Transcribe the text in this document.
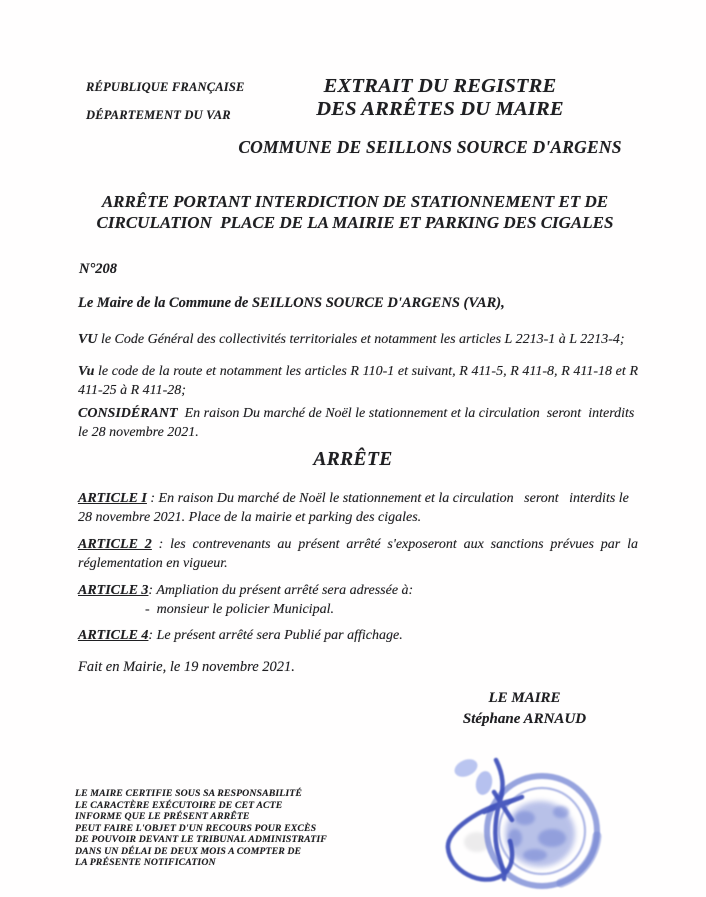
RÉPUBLIQUE FRANÇAISE
DÉPARTEMENT DU VAR
EXTRAIT DU REGISTRE
DES ARRÊTES DU MAIRE
COMMUNE DE SEILLONS SOURCE D'ARGENS
ARRÊTE PORTANT INTERDICTION DE STATIONNEMENT ET DE
CIRCULATION  PLACE DE LA MAIRIE ET PARKING DES CIGALES
N°208
Le Maire de la Commune de SEILLONS SOURCE D'ARGENS (VAR),
VU le Code Général des collectivités territoriales et notamment les articles L 2213-1 à L 2213-4;
Vu le code de la route et notamment les articles R 110-1 et suivant, R 411-5, R 411-8, R 411-18 et R 411-25 à R 411-28;
CONSIDÉRANT  En raison Du marché de Noël le stationnement et la circulation  seront  interdits le 28 novembre 2021.
ARRÊTE
ARTICLE I : En raison Du marché de Noël le stationnement et la circulation   seront   interdits le 28 novembre 2021. Place de la mairie et parking des cigales.
ARTICLE 2 : les contrevenants au présent arrêté s'exposeront aux sanctions prévues par la réglementation en vigueur.
ARTICLE 3: Ampliation du présent arrêté sera adressée à:
-  monsieur le policier Municipal.
ARTICLE 4: Le présent arrêté sera Publié par affichage.
Fait en Mairie, le 19 novembre 2021.
LE MAIRE
Stéphane ARNAUD
LE MAIRE CERTIFIE SOUS SA RESPONSABILITÉ
LE CARACTÈRE EXÉCUTOIRE DE CET ACTE
INFORME QUE LE PRÉSENT ARRÊTE
PEUT FAIRE L'OBJET D'UN RECOURS POUR EXCÈS
DE POUVOIR DEVANT LE TRIBUNAL ADMINISTRATIF
DANS UN DÉLAI DE DEUX MOIS A COMPTER DE
LA PRÉSENTE NOTIFICATION
